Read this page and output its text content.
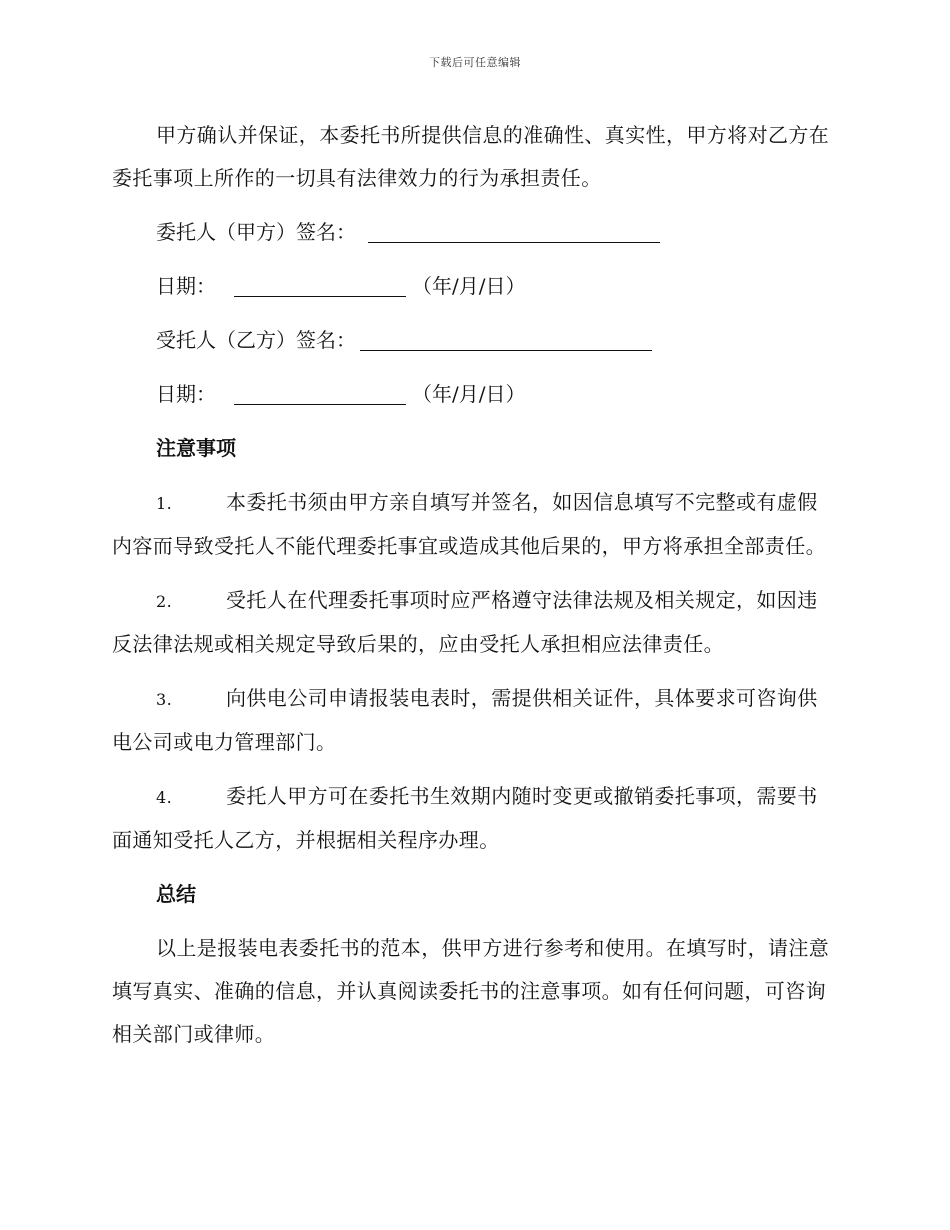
下载后可任意编辑

甲方确认并保证，本委托书所提供信息的准确性、真实性，甲方将对乙方在委托事项上所作的一切具有法律效力的行为承担责任。

委托人（甲方）签名：
日期：	（年/月/日）
受托人（乙方）签名：
日期：	（年/月/日）
注意事项

1.	本委托书须由甲方亲自填写并签名，如因信息填写不完整或有虚假内容而导致受托人不能代理委托事宜或造成其他后果的，甲方将承担全部责任。

2.	受托人在代理委托事项时应严格遵守法律法规及相关规定，如因违反法律法规或相关规定导致后果的，应由受托人承担相应法律责任。

3.	向供电公司申请报装电表时，需提供相关证件，具体要求可咨询供电公司或电力管理部门。

4.	委托人甲方可在委托书生效期内随时变更或撤销委托事项，需要书面通知受托人乙方，并根据相关程序办理。

总结

以上是报装电表委托书的范本，供甲方进行参考和使用。在填写时，请注意填写真实、准确的信息，并认真阅读委托书的注意事项。如有任何问题，可咨询相关部门或律师。
